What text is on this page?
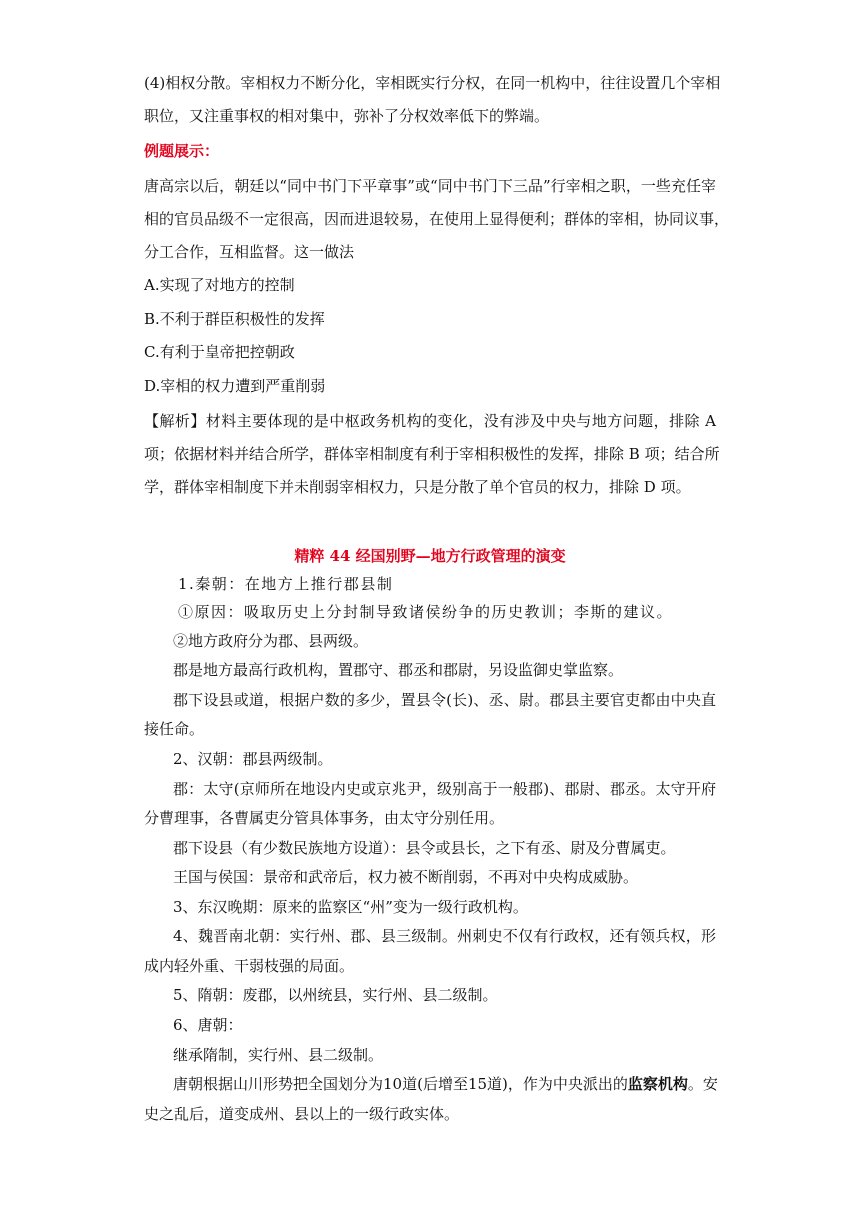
(4)相权分散。宰相权力不断分化，宰相既实行分权，在同一机构中，往往设置几个宰相
职位，又注重事权的相对集中，弥补了分权效率低下的弊端。
例题展示：
唐高宗以后，朝廷以“同中书门下平章事”或“同中书门下三品”行宰相之职，一些充任宰
相的官员品级不一定很高，因而进退较易，在使用上显得便利；群体的宰相，协同议事，
分工合作，互相监督。这一做法
A.实现了对地方的控制
B.不利于群臣积极性的发挥
C.有利于皇帝把控朝政
D.宰相的权力遭到严重削弱
【解析】材料主要体现的是中枢政务机构的变化，没有涉及中央与地方问题，排除 A
项；依据材料并结合所学，群体宰相制度有利于宰相积极性的发挥，排除 B 项；结合所
学，群体宰相制度下并未削弱宰相权力，只是分散了单个官员的权力，排除 D 项。
精粹 44 经国别野—地方行政管理的演变
1.秦朝：在地方上推行郡县制
①原因：吸取历史上分封制导致诸侯纷争的历史教训；李斯的建议。
②地方政府分为郡、县两级。
郡是地方最高行政机构，置郡守、郡丞和郡尉，另设监御史掌监察。
郡下设县或道，根据户数的多少，置县令(长)、丞、尉。郡县主要官吏都由中央直
接任命。
2、汉朝：郡县两级制。
郡：太守(京师所在地设内史或京兆尹，级别高于一般郡)、郡尉、郡丞。太守开府
分曹理事，各曹属吏分管具体事务，由太守分别任用。
郡下设县（有少数民族地方设道）：县令或县长，之下有丞、尉及分曹属吏。
王国与侯国：景帝和武帝后，权力被不断削弱，不再对中央构成威胁。
3、东汉晚期：原来的监察区“州”变为一级行政机构。
4、魏晋南北朝：实行州、郡、县三级制。州刺史不仅有行政权，还有领兵权，形
成内轻外重、干弱枝强的局面。
5、隋朝：废郡，以州统县，实行州、县二级制。
6、唐朝：
继承隋制，实行州、县二级制。
唐朝根据山川形势把全国划分为10道(后增至15道)，作为中央派出的监察机构。安
史之乱后，道变成州、县以上的一级行政实体。
